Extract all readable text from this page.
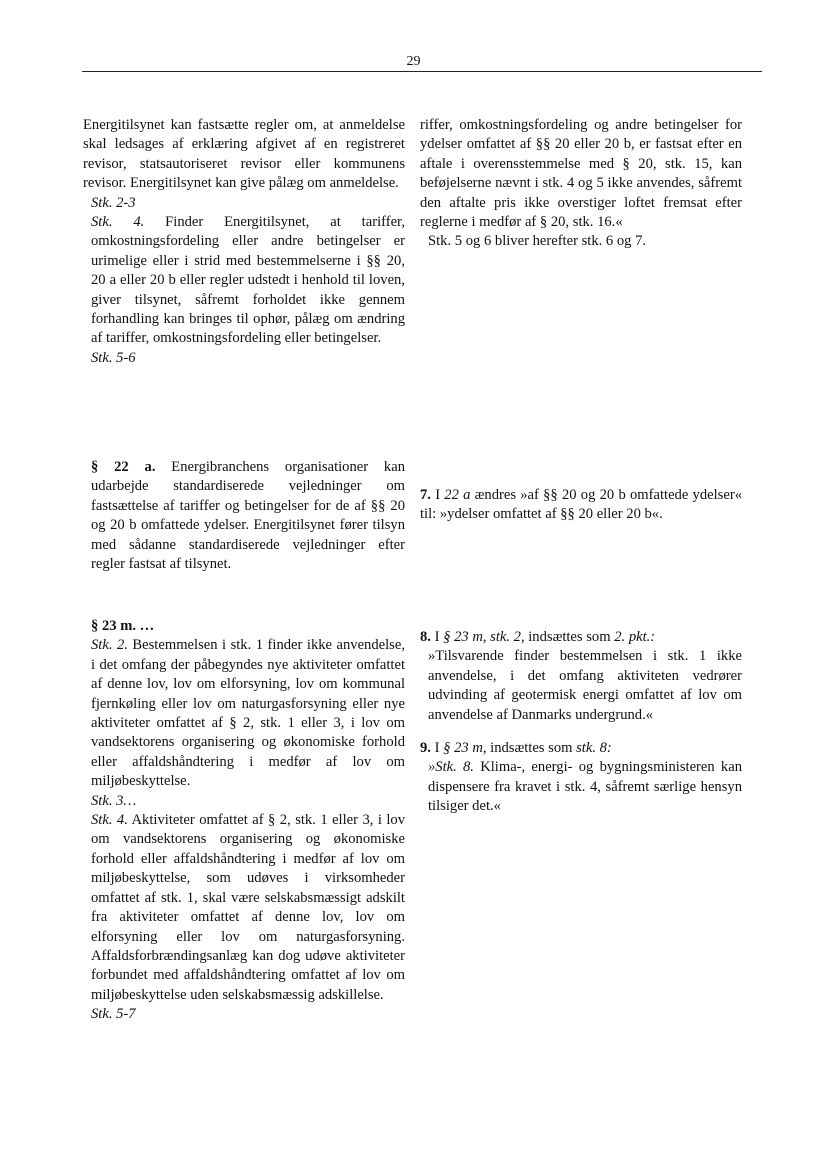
29

Energitilsynet kan fastsætte regler om, at anmeldelse skal ledsages af erklæring afgivet af en registreret revisor, statsautoriseret revisor eller kommunens revisor. Energitilsynet kan give pålæg om anmeldelse.

Stk. 2-3

Stk. 4. Finder Energitilsynet, at tariffer, omkostningsfordeling eller andre betingelser er urimelige eller i strid med bestemmelserne i §§ 20, 20 a eller 20 b eller regler udstedt i henhold til loven, giver tilsynet, såfremt forholdet ikke gennem forhandling kan bringes til ophør, pålæg om ændring af tariffer, omkostningsfordeling eller betingelser.

Stk. 5-6

§ 22 a. Energibranchens organisationer kan udarbejde standardiserede vejledninger om fastsættelse af tariffer og betingelser for de af §§ 20 og 20 b omfattede ydelser. Energitilsynet fører tilsyn med sådanne standardiserede vejledninger efter regler fastsat af tilsynet.

§ 23 m. …

Stk. 2. Bestemmelsen i stk. 1 finder ikke anvendelse, i det omfang der påbegyndes nye aktiviteter omfattet af denne lov, lov om elforsyning, lov om kommunal fjernkøling eller lov om naturgasforsyning eller nye aktiviteter omfattet af § 2, stk. 1 eller 3, i lov om vandsektorens organisering og økonomiske forhold eller affaldshåndtering i medfør af lov om miljøbeskyttelse.

Stk. 3…

Stk. 4. Aktiviteter omfattet af § 2, stk. 1 eller 3, i lov om vandsektorens organisering og økonomiske forhold eller affaldshåndtering i medfør af lov om miljøbeskyttelse, som udøves i virksomheder omfattet af stk. 1, skal være selskabsmæssigt adskilt fra aktiviteter omfattet af denne lov, lov om elforsyning eller lov om naturgasforsyning. Affaldsforbrændingsanlæg kan dog udøve aktiviteter forbundet med affaldshåndtering omfattet af lov om miljøbeskyttelse uden selskabsmæssig adskillelse.

Stk. 5-7

riffer, omkostningsfordeling og andre betingelser for ydelser omfattet af §§ 20 eller 20 b, er fastsat efter en aftale i overensstemmelse med § 20, stk. 15, kan beføjelserne nævnt i stk. 4 og 5 ikke anvendes, såfremt den aftalte pris ikke overstiger loftet fremsat efter reglerne i medfør af § 20, stk. 16.«

Stk. 5 og 6 bliver herefter stk. 6 og 7.

7. I 22 a ændres »af §§ 20 og 20 b omfattede ydelser« til: »ydelser omfattet af §§ 20 eller 20 b«.

8. I § 23 m, stk. 2, indsættes som 2. pkt.:

»Tilsvarende finder bestemmelsen i stk. 1 ikke anvendelse, i det omfang aktiviteten vedrører udvinding af geotermisk energi omfattet af lov om anvendelse af Danmarks undergrund.«

9. I § 23 m, indsættes som stk. 8:

»Stk. 8. Klima-, energi- og bygningsministeren kan dispensere fra kravet i stk. 4, såfremt særlige hensyn tilsiger det.«
